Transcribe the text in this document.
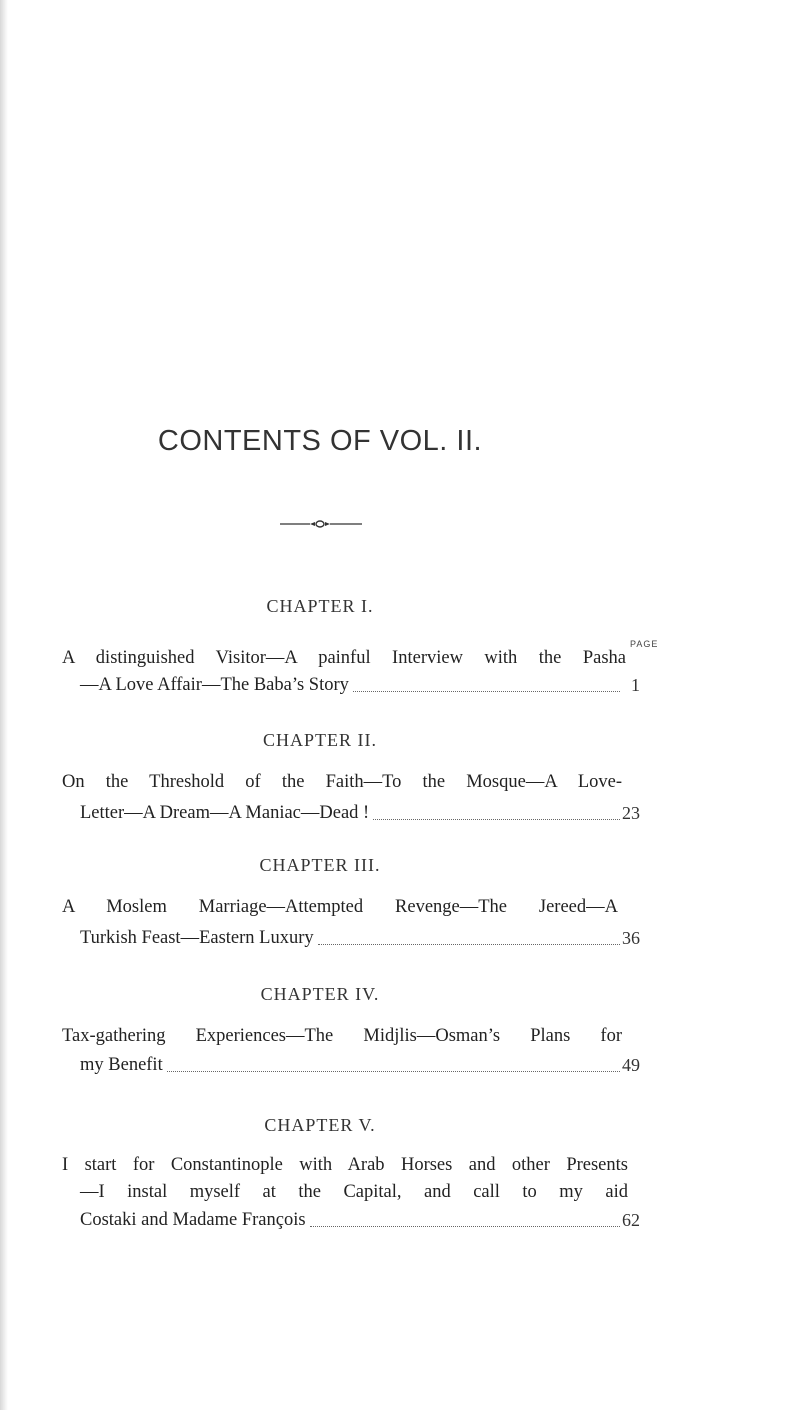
CONTENTS OF VOL. II.
PAGE
CHAPTER I.
A distinguished Visitor—A painful Interview with the Pasha
—A Love Affair—The Baba’s Story	1
CHAPTER II.
On the Threshold of the Faith—To the Mosque—A Love-
Letter—A Dream—A Maniac—Dead !	23
CHAPTER III.
A Moslem Marriage—Attempted Revenge—The Jereed—A
Turkish Feast—Eastern Luxury	36
CHAPTER IV.
Tax-gathering Experiences—The Midjlis—Osman’s Plans for
my Benefit	49
CHAPTER V.
I start for Constantinople with Arab Horses and other Presents
—I instal myself at the Capital, and call to my aid
Costaki and Madame François	62
